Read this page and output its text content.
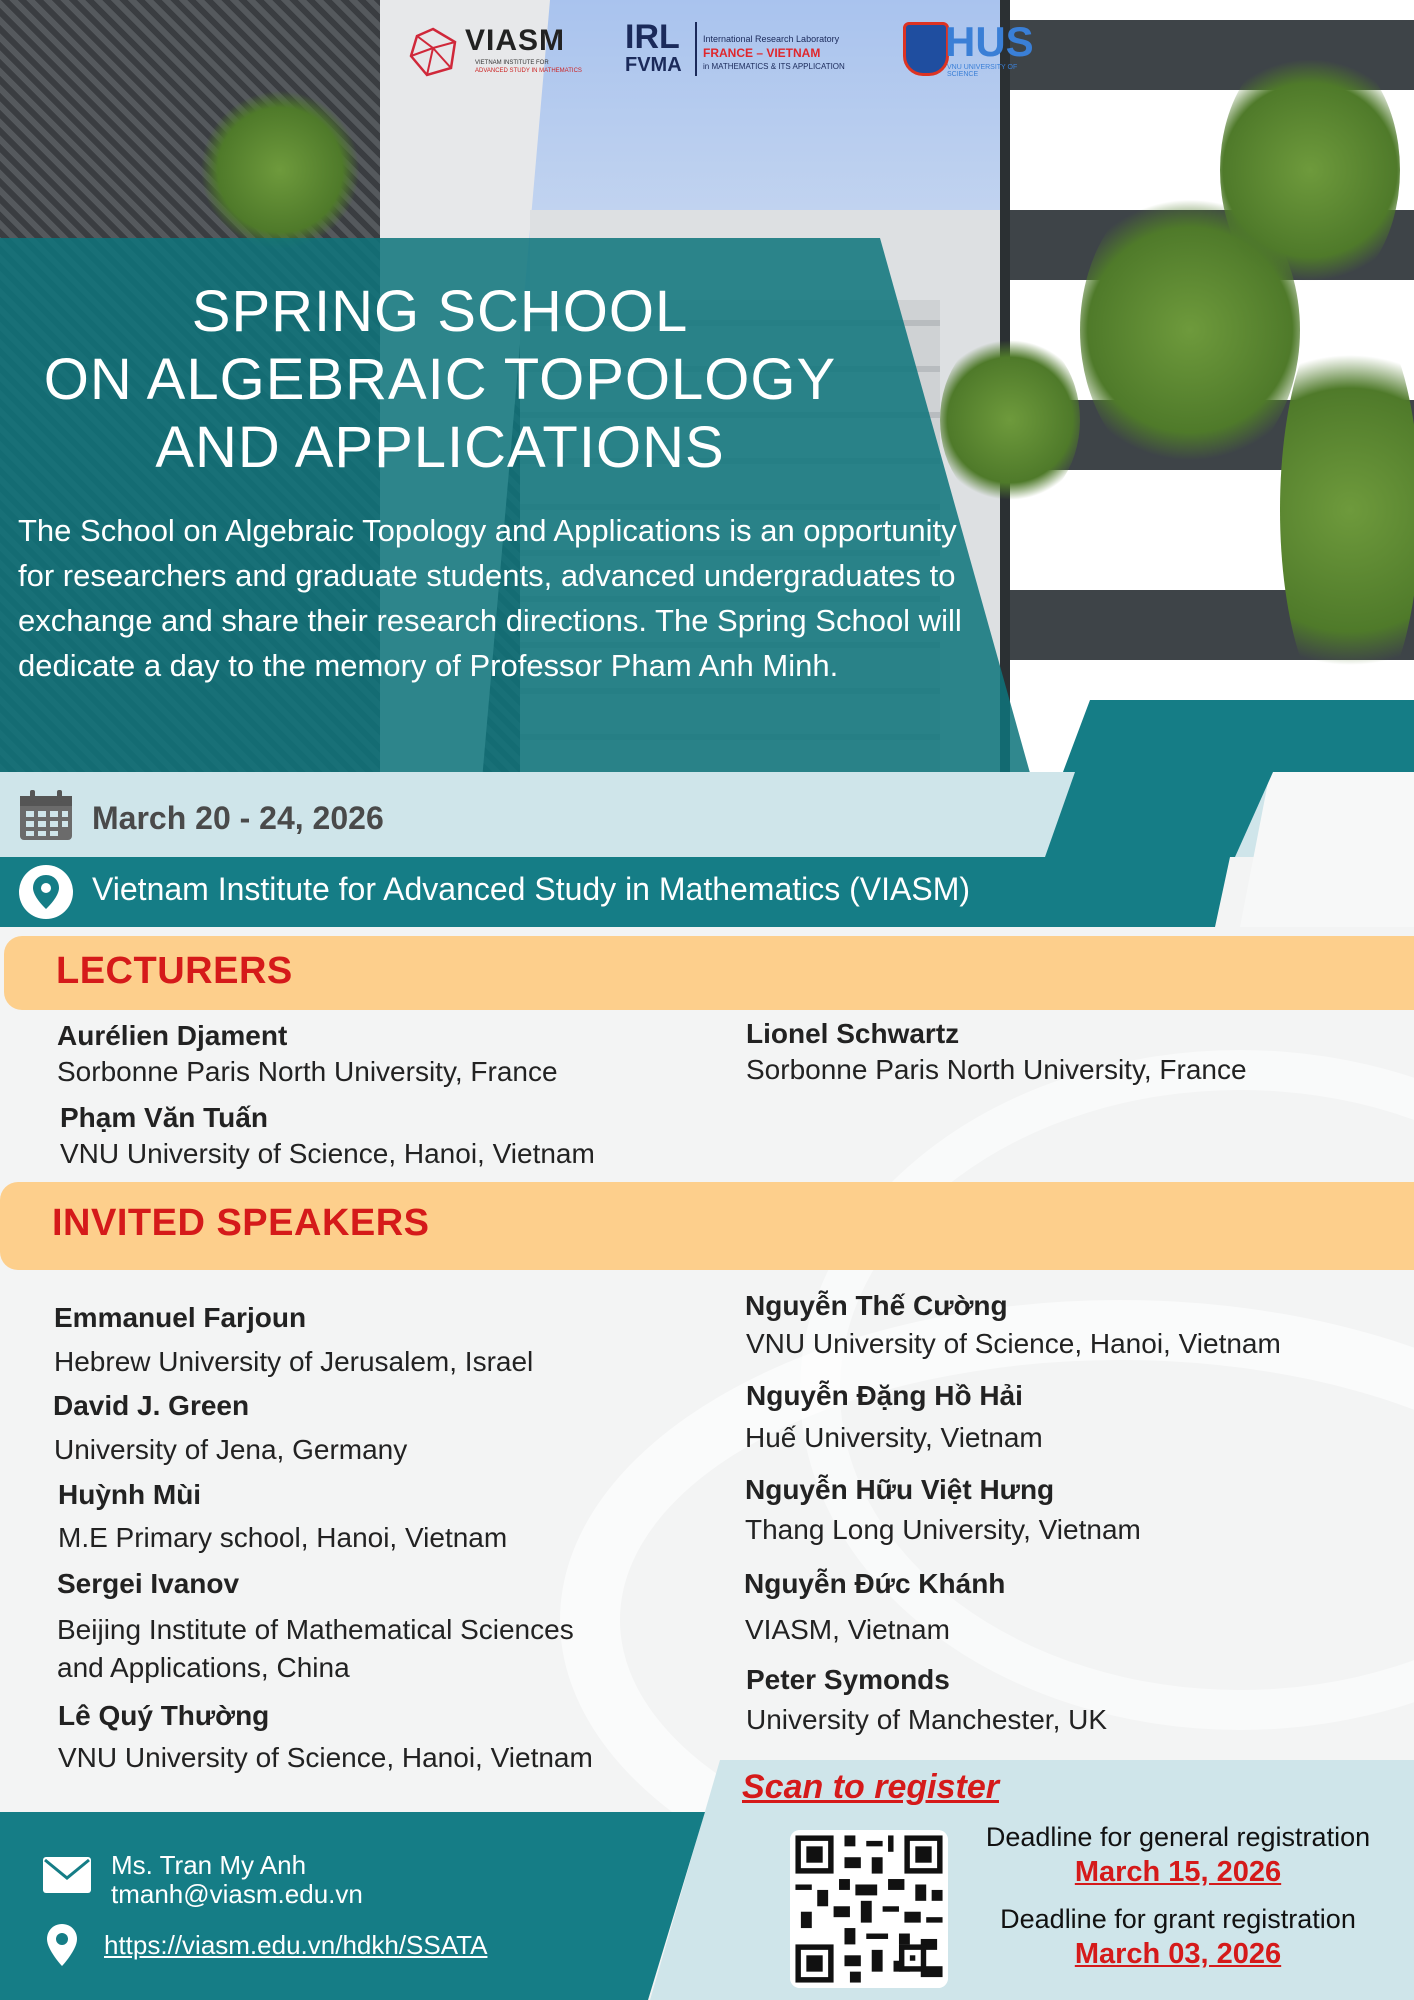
VIASM
VIETNAM INSTITUTE FOR
ADVANCED STUDY IN MATHEMATICS
IRL
FVMA
International Research Laboratory
FRANCE – VIETNAM
in MATHEMATICS & ITS APPLICATION
HUS
VNU UNIVERSITY OF SCIENCE
SPRING SCHOOL
ON ALGEBRAIC TOPOLOGY
AND APPLICATIONS
The School on Algebraic Topology and Applications is an opportunity for researchers and graduate students, advanced undergraduates to exchange and share their research directions. The Spring School will dedicate a day to the memory of Professor Pham Anh Minh.
March 20 - 24, 2026
Vietnam Institute for Advanced Study in Mathematics (VIASM)
LECTURERS
Aurélien Djament
Sorbonne Paris North University, France
Lionel Schwartz
Sorbonne Paris North University, France
Phạm Văn Tuấn
VNU University of Science, Hanoi, Vietnam
INVITED SPEAKERS
Emmanuel Farjoun
Hebrew University of Jerusalem, Israel
David J. Green
University of Jena, Germany
Huỳnh Mùi
M.E Primary school, Hanoi, Vietnam
Sergei Ivanov
Beijing Institute of Mathematical Sciences
and Applications, China
Lê Quý Thường
VNU University of Science, Hanoi, Vietnam
Nguyễn Thế Cường
VNU University of Science, Hanoi, Vietnam
Nguyễn Đặng Hồ Hải
Huế University, Vietnam
Nguyễn Hữu Việt Hưng
Thang Long University, Vietnam
Nguyễn Đức Khánh
VIASM, Vietnam
Peter Symonds
University of Manchester, UK
Ms. Tran My Anh
tmanh@viasm.edu.vn
https://viasm.edu.vn/hdkh/SSATA
Scan to register
Deadline for general registration
March 15, 2026
Deadline for grant registration
March 03, 2026
